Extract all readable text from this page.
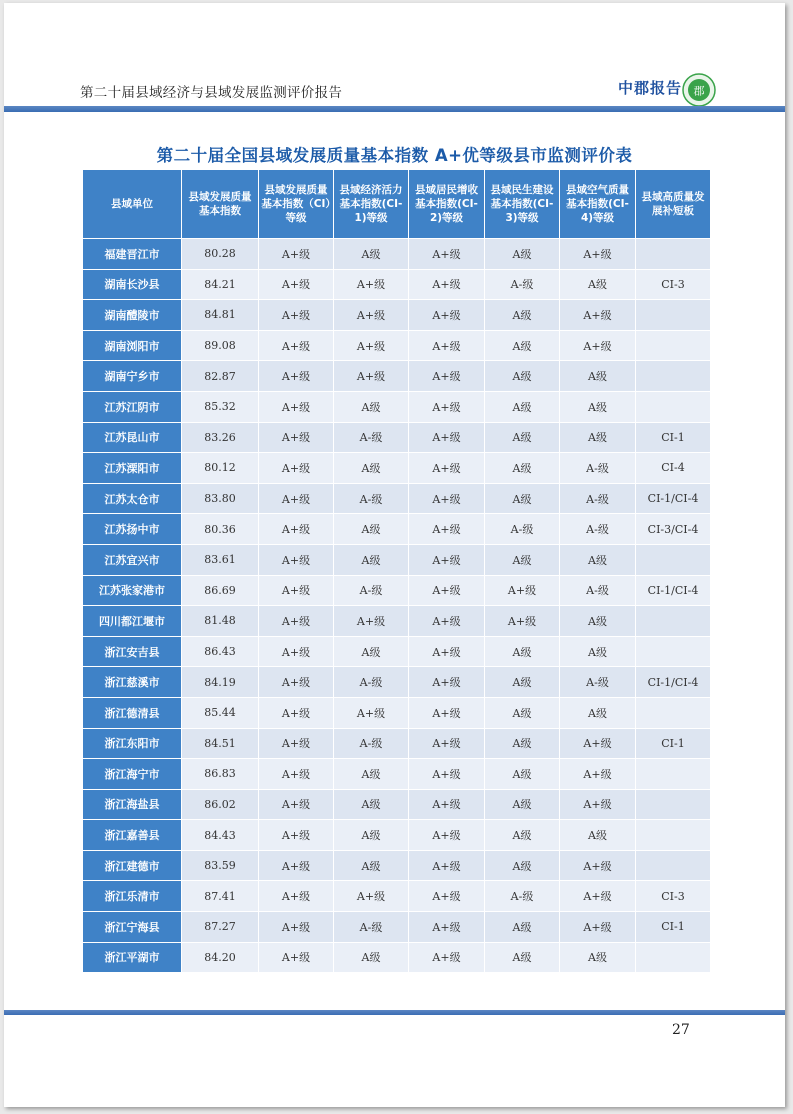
第二十届县域经济与县域发展监测评价报告	中郡报告 郡
第二十届全国县域发展质量基本指数 A+优等级县市监测评价表
县域单位	县域发展质量基本指数	县域发展质量基本指数（CI）等级	县域经济活力基本指数(CI-1)等级	县域居民增收基本指数(CI-2)等级	县域民生建设基本指数(CI-3)等级	县域空气质量基本指数(CI-4)等级	县域高质量发展补短板
福建晋江市	80.28	A+级	A级	A+级	A级	A+级	
湖南长沙县	84.21	A+级	A+级	A+级	A-级	A级	CI-3
湖南醴陵市	84.81	A+级	A+级	A+级	A级	A+级	
湖南浏阳市	89.08	A+级	A+级	A+级	A级	A+级	
湖南宁乡市	82.87	A+级	A+级	A+级	A级	A级	
江苏江阴市	85.32	A+级	A级	A+级	A级	A级	
江苏昆山市	83.26	A+级	A-级	A+级	A级	A级	CI-1
江苏溧阳市	80.12	A+级	A级	A+级	A级	A-级	CI-4
江苏太仓市	83.80	A+级	A-级	A+级	A级	A-级	CI-1/CI-4
江苏扬中市	80.36	A+级	A级	A+级	A-级	A-级	CI-3/CI-4
江苏宜兴市	83.61	A+级	A级	A+级	A级	A级	
江苏张家港市	86.69	A+级	A-级	A+级	A+级	A-级	CI-1/CI-4
四川都江堰市	81.48	A+级	A+级	A+级	A+级	A级	
浙江安吉县	86.43	A+级	A级	A+级	A级	A级	
浙江慈溪市	84.19	A+级	A-级	A+级	A级	A-级	CI-1/CI-4
浙江德清县	85.44	A+级	A+级	A+级	A级	A级	
浙江东阳市	84.51	A+级	A-级	A+级	A级	A+级	CI-1
浙江海宁市	86.83	A+级	A级	A+级	A级	A+级	
浙江海盐县	86.02	A+级	A级	A+级	A级	A+级	
浙江嘉善县	84.43	A+级	A级	A+级	A级	A级	
浙江建德市	83.59	A+级	A级	A+级	A级	A+级	
浙江乐清市	87.41	A+级	A+级	A+级	A-级	A+级	CI-3
浙江宁海县	87.27	A+级	A-级	A+级	A级	A+级	CI-1
浙江平湖市	84.20	A+级	A级	A+级	A级	A级	
27
